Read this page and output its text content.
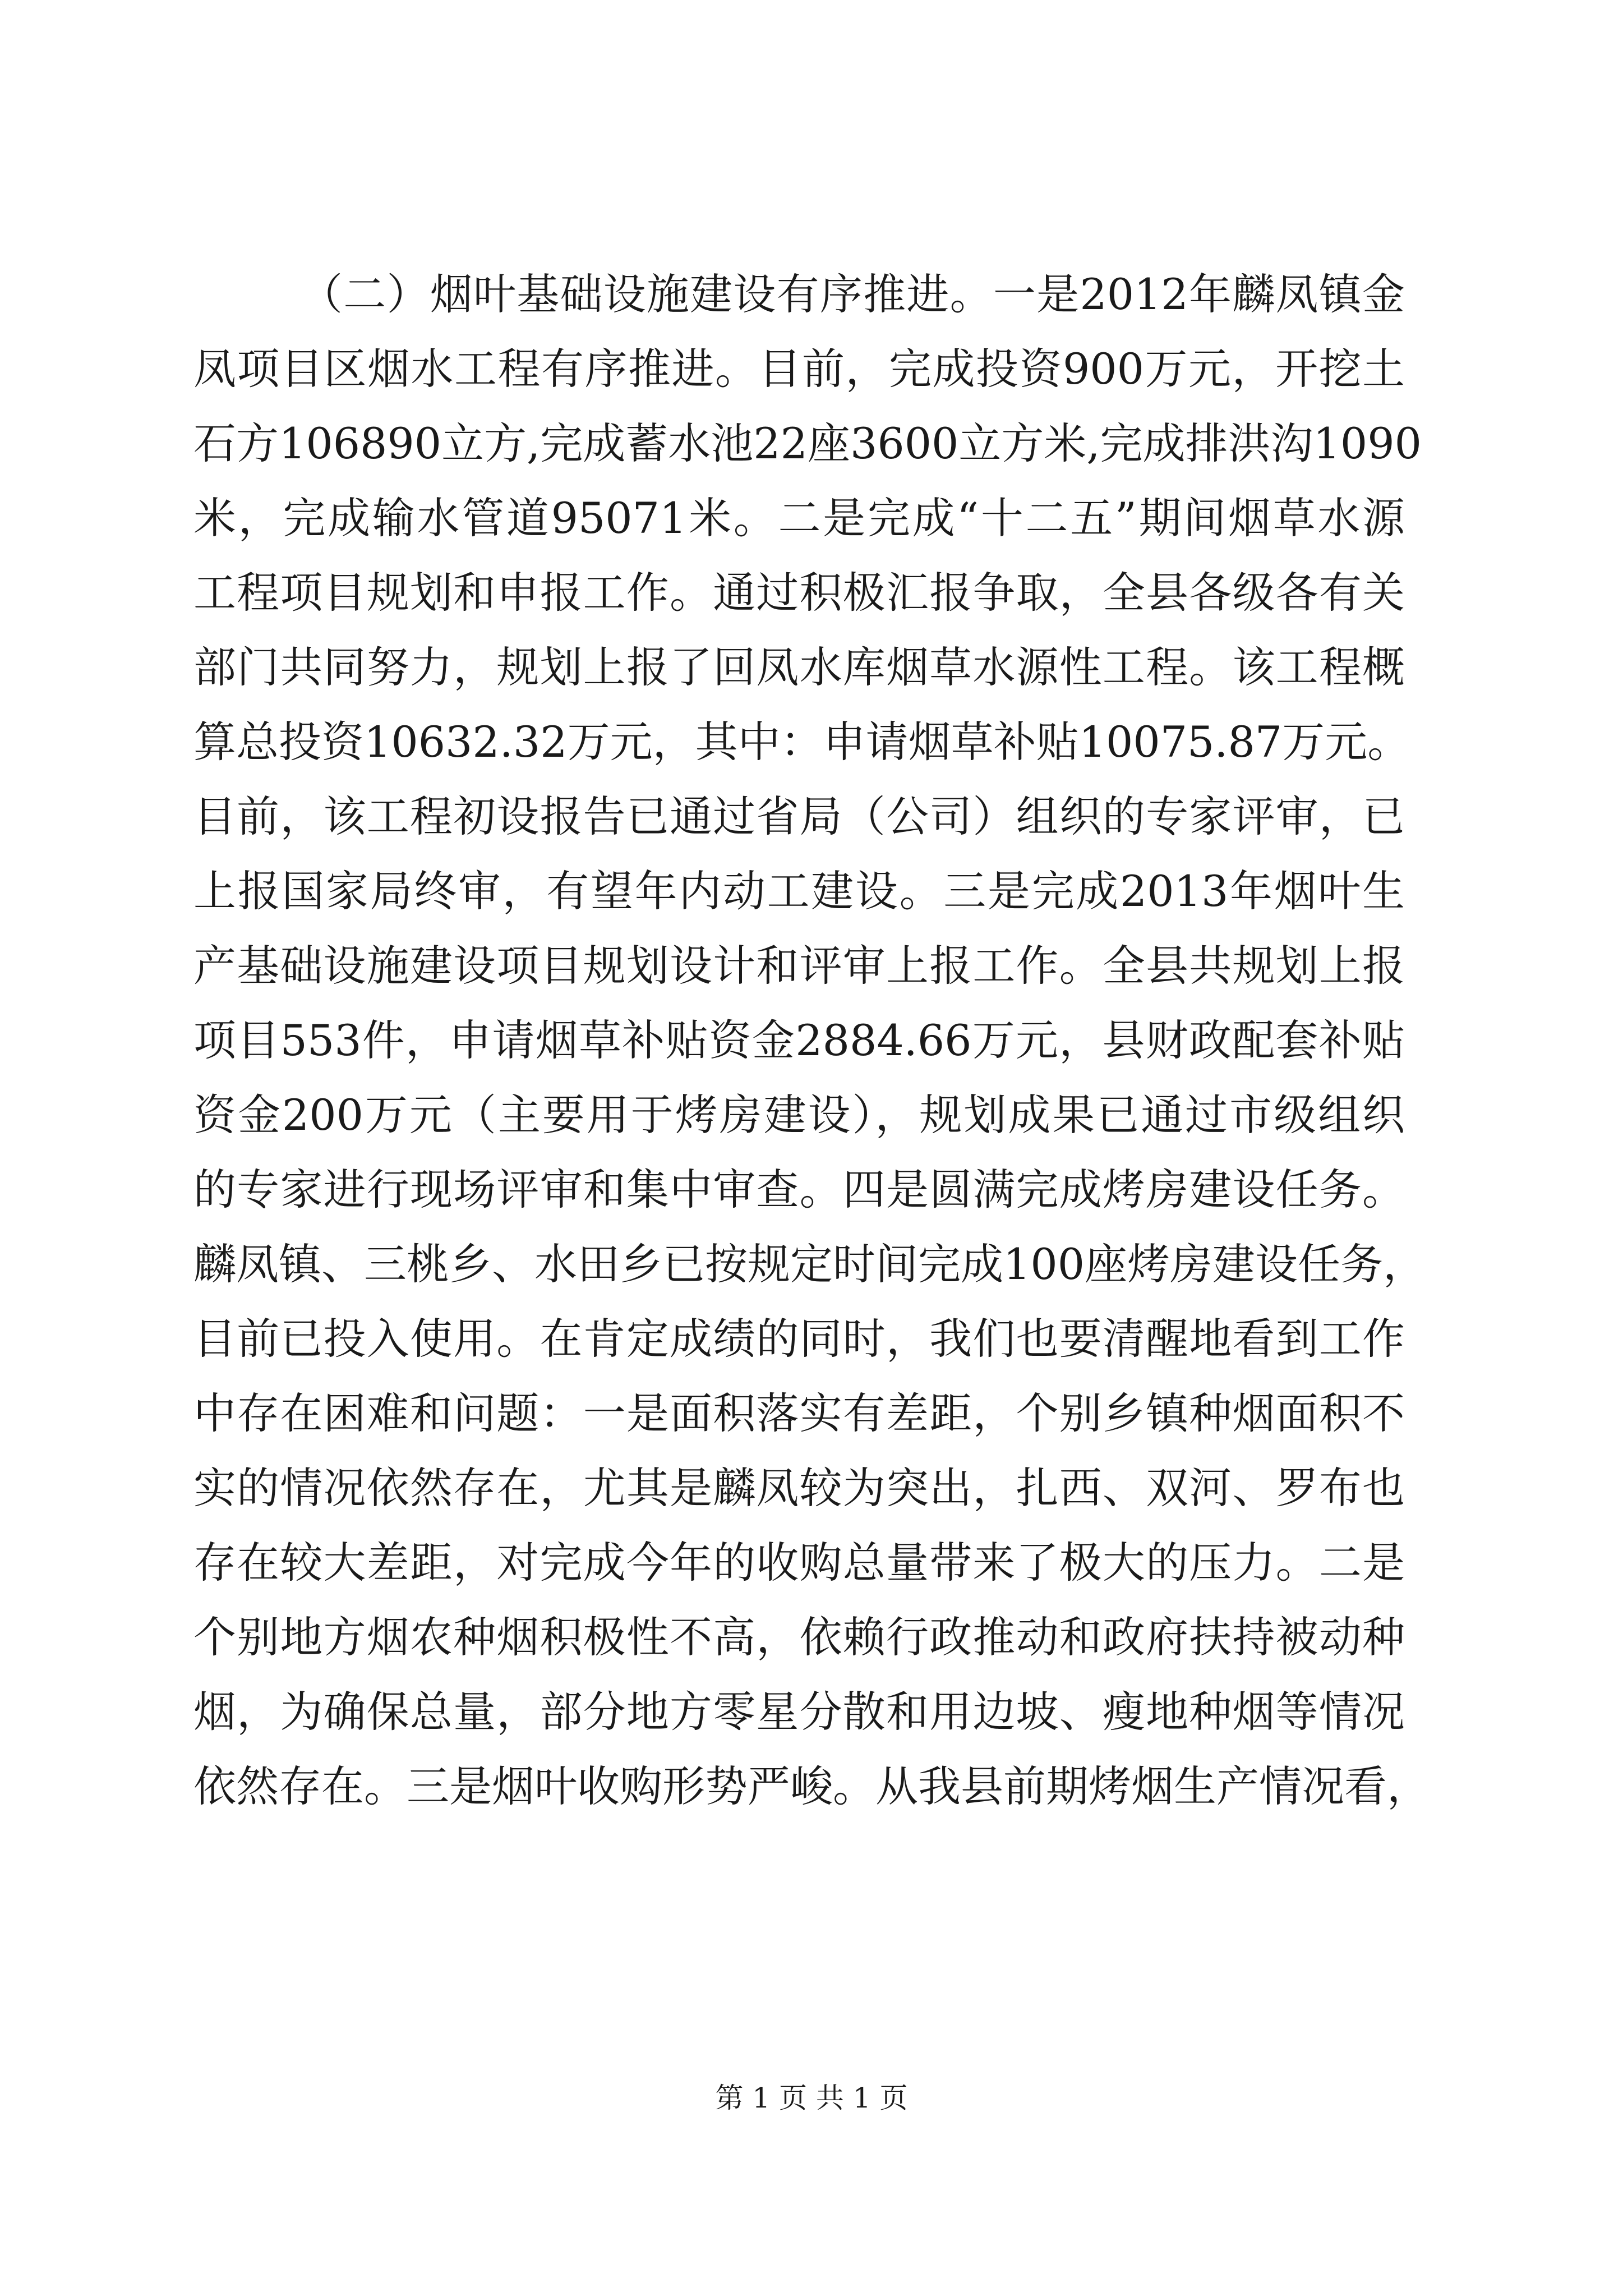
（二）烟叶基础设施建设有序推进。一是2012年麟凤镇金
凤项目区烟水工程有序推进。目前，完成投资900万元，开挖土
石方106890立方,完成蓄水池22座3600立方米,完成排洪沟1090
米，完成输水管道95071米。二是完成“十二五”期间烟草水源
工程项目规划和申报工作。通过积极汇报争取，全县各级各有关
部门共同努力，规划上报了回凤水库烟草水源性工程。该工程概
算总投资10632.32万元，其中：申请烟草补贴10075.87万元。
目前，该工程初设报告已通过省局（公司）组织的专家评审，已
上报国家局终审，有望年内动工建设。三是完成2013年烟叶生
产基础设施建设项目规划设计和评审上报工作。全县共规划上报
项目553件，申请烟草补贴资金2884.66万元，县财政配套补贴
资金200万元（主要用于烤房建设），规划成果已通过市级组织
的专家进行现场评审和集中审查。四是圆满完成烤房建设任务。
麟凤镇、三桃乡、水田乡已按规定时间完成100座烤房建设任务，
目前已投入使用。在肯定成绩的同时，我们也要清醒地看到工作
中存在困难和问题：一是面积落实有差距，个别乡镇种烟面积不
实的情况依然存在，尤其是麟凤较为突出，扎西、双河、罗布也
存在较大差距，对完成今年的收购总量带来了极大的压力。二是
个别地方烟农种烟积极性不高，依赖行政推动和政府扶持被动种
烟，为确保总量，部分地方零星分散和用边坡、瘦地种烟等情况
依然存在。三是烟叶收购形势严峻。从我县前期烤烟生产情况看，
第 1 页 共 1 页
